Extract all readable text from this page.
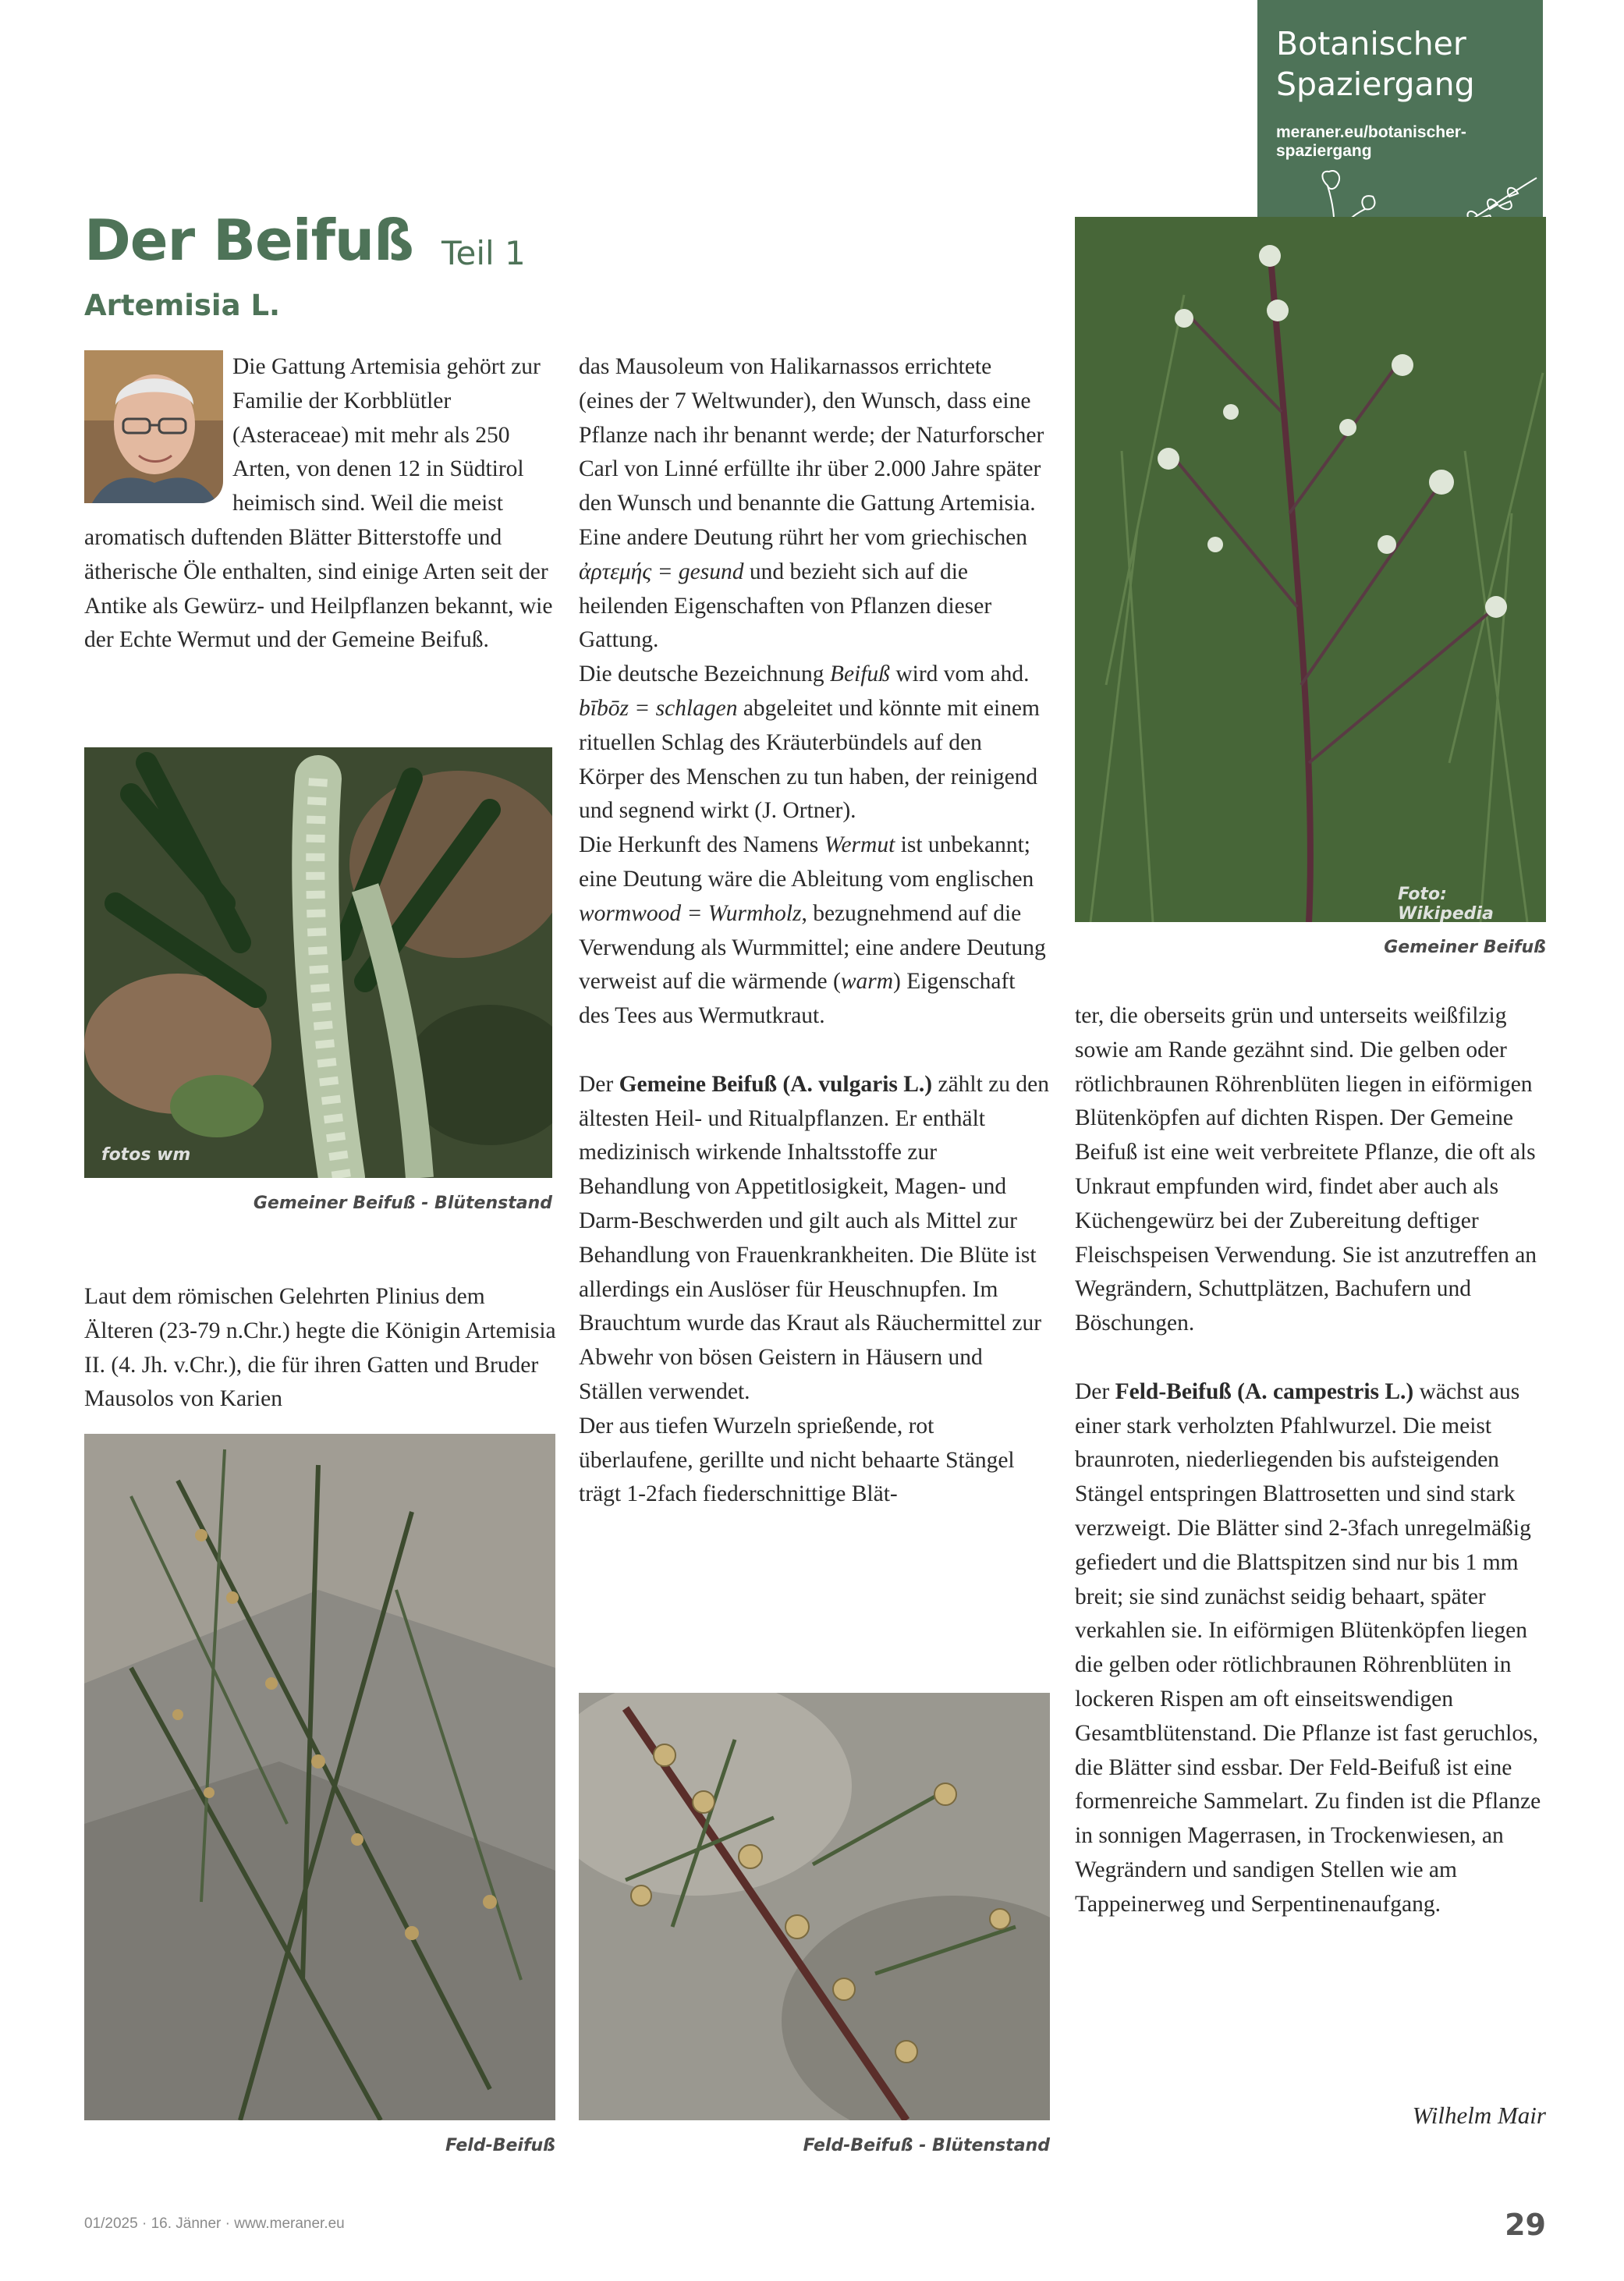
Botanischer
Spaziergang
meraner.eu/botanischer-spaziergang
Der Beifuß Teil 1
Artemisia L.

Die Gattung Artemisia gehört zur Familie der Korbblütler (Asteraceae) mit mehr als 250 Arten, von denen 12 in Südtirol heimisch sind. Weil die meist aromatisch duftenden Blätter Bitterstoffe und ätherische Öle enthalten, sind einige Arten seit der Antike als Gewürz- und Heilpflanzen bekannt, wie der Echte Wermut und der Gemeine Beifuß.

fotos wm
Gemeiner Beifuß - Blütenstand

Laut dem römischen Gelehrten Plinius dem Älteren (23-79 n.Chr.) hegte die Königin Artemisia II. (4. Jh. v.Chr.), die für ihren Gatten und Bruder Mausolos von Karien

Feld-Beifuß

das Mausoleum von Halikarnassos errichtete (eines der 7 Weltwunder), den Wunsch, dass eine Pflanze nach ihr benannt werde; der Naturforscher Carl von Linné erfüllte ihr über 2.000 Jahre später den Wunsch und benannte die Gattung Artemisia. Eine andere Deutung rührt her vom griechischen ἀρτεμής = gesund und bezieht sich auf die heilenden Eigenschaften von Pflanzen dieser Gattung.

Die deutsche Bezeichnung Beifuß wird vom ahd. bībōz = schlagen abgeleitet und könnte mit einem rituellen Schlag des Kräuterbündels auf den Körper des Menschen zu tun haben, der reinigend und segnend wirkt (J. Ortner).

Die Herkunft des Namens Wermut ist unbekannt; eine Deutung wäre die Ableitung vom englischen wormwood = Wurmholz, bezugnehmend auf die Verwendung als Wurmmittel; eine andere Deutung verweist auf die wärmende (warm) Eigenschaft des Tees aus Wermutkraut.

Der Gemeine Beifuß (A. vulgaris L.) zählt zu den ältesten Heil- und Ritualpflanzen. Er enthält medizinisch wirkende Inhaltsstoffe zur Behandlung von Appetitlosigkeit, Magen- und Darm-Beschwerden und gilt auch als Mittel zur Behandlung von Frauenkrankheiten. Die Blüte ist allerdings ein Auslöser für Heuschnupfen. Im Brauchtum wurde das Kraut als Räuchermittel zur Abwehr von bösen Geistern in Häusern und Ställen verwendet.

Der aus tiefen Wurzeln sprießende, rot überlaufene, gerillte und nicht behaarte Stängel trägt 1-2fach fiederschnittige Blät-

Feld-Beifuß - Blütenstand
Foto: Wikipedia
Gemeiner Beifuß

ter, die oberseits grün und unterseits weißfilzig sowie am Rande gezähnt sind. Die gelben oder rötlichbraunen Röhrenblüten liegen in eiförmigen Blütenköpfen auf dichten Rispen. Der Gemeine Beifuß ist eine weit verbreitete Pflanze, die oft als Unkraut empfunden wird, findet aber auch als Küchengewürz bei der Zubereitung deftiger Fleischspeisen Verwendung. Sie ist anzutreffen an Wegrändern, Schuttplätzen, Bachufern und Böschungen.

Der Feld-Beifuß (A. campestris L.) wächst aus einer stark verholzten Pfahlwurzel. Die meist braunroten, niederliegenden bis aufsteigenden Stängel entspringen Blattrosetten und sind stark verzweigt. Die Blätter sind 2-3fach unregelmäßig gefiedert und die Blattspitzen sind nur bis 1 mm breit; sie sind zunächst seidig behaart, später verkahlen sie. In eiförmigen Blütenköpfen liegen die gelben oder rötlichbraunen Röhrenblüten in lockeren Rispen am oft einseitswendigen Gesamtblütenstand. Die Pflanze ist fast geruchlos, die Blätter sind essbar. Der Feld-Beifuß ist eine formenreiche Sammelart. Zu finden ist die Pflanze in sonnigen Magerrasen, in Trockenwiesen, an Wegrändern und sandigen Stellen wie am Tappeinerweg und Serpentinenaufgang.

Wilhelm Mair
01/2025 · 16. Jänner · www.meraner.eu	29
